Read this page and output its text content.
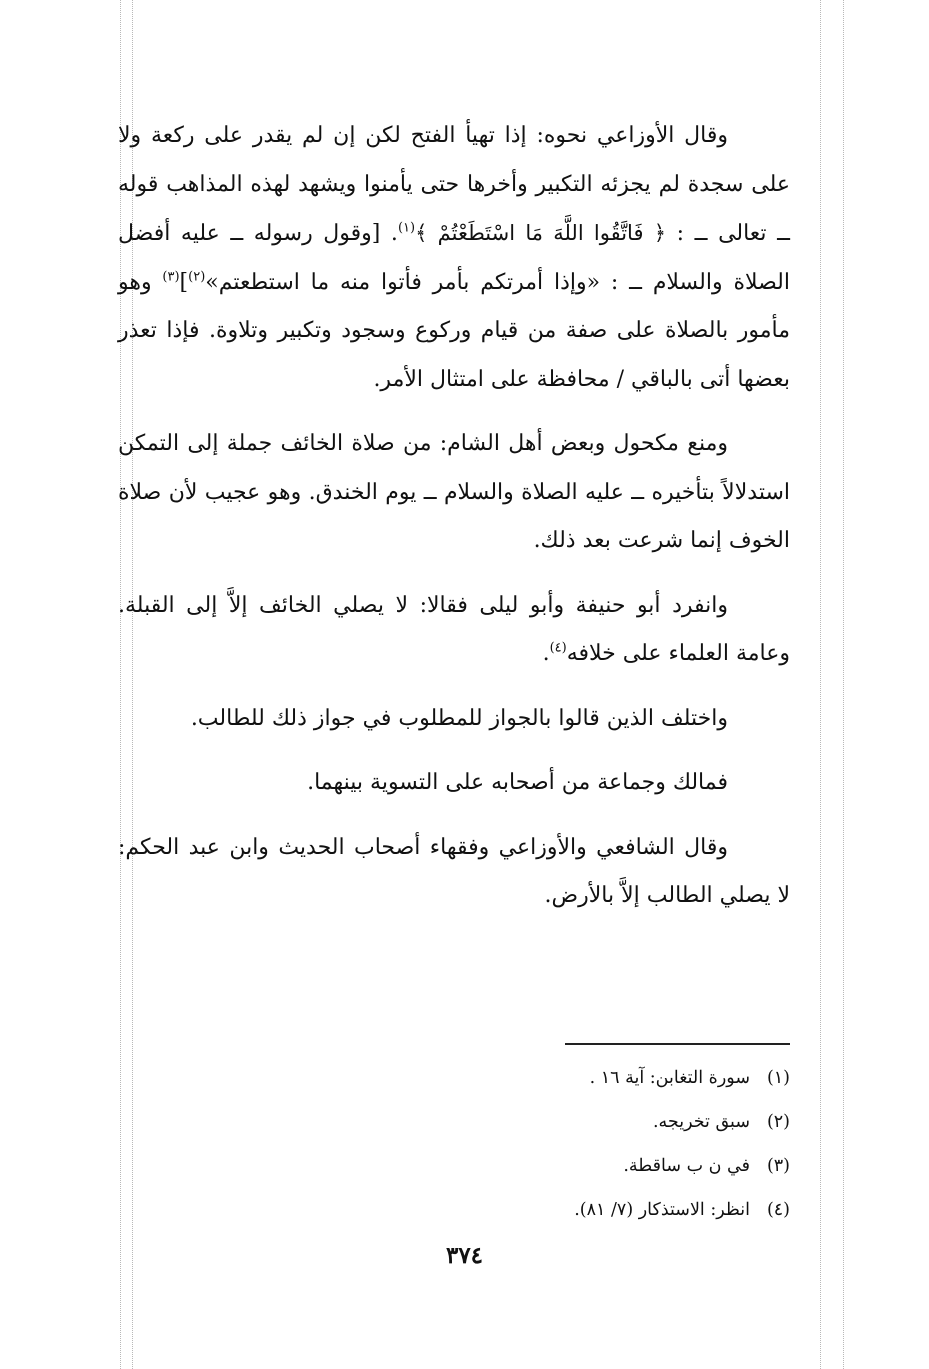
وقال الأوزاعي نحوه: إذا تهيأ الفتح لكن إن لم يقدر على ركعة ولا على سجدة لم يجزئه التكبير وأخرها حتى يأمنوا ويشهد لهذه المذاهب قوله ــ تعالى ــ : ﴿ فَاتَّقُوا اللَّهَ مَا اسْتَطَعْتُمْ ﴾$^{(١)}$. [وقول رسوله ــ عليه أفضل الصلاة والسلام ــ : «وإذا أمرتكم بأمر فأتوا منه ما استطعتم»$^{(٢)}$]$^{(٣)}$ وهو مأمور بالصلاة على صفة من قيام وركوع وسجود وتكبير وتلاوة. فإذا تعذر بعضها أتى بالباقي / محافظة على امتثال الأمر.

ومنع مكحول وبعض أهل الشام: من صلاة الخائف جملة إلى التمكن استدلالاً بتأخيره ــ عليه الصلاة والسلام ــ يوم الخندق. وهو عجيب لأن صلاة الخوف إنما شرعت بعد ذلك.

وانفرد أبو حنيفة وأبو ليلى فقالا: لا يصلي الخائف إلاَّ إلى القبلة. وعامة العلماء على خلافه$^{(٤)}$.

واختلف الذين قالوا بالجواز للمطلوب في جواز ذلك للطالب.

فمالك وجماعة من أصحابه على التسوية بينهما.

وقال الشافعي والأوزاعي وفقهاء أصحاب الحديث وابن عبد الحكم: لا يصلي الطالب إلاَّ بالأرض.

(١)سورة التغابن: آية ١٦ .
(٢)سبق تخريجه.
(٣)في ن ب ساقطة.
(٤)انظر: الاستذكار (٧/ ٨١).
٣٧٤
